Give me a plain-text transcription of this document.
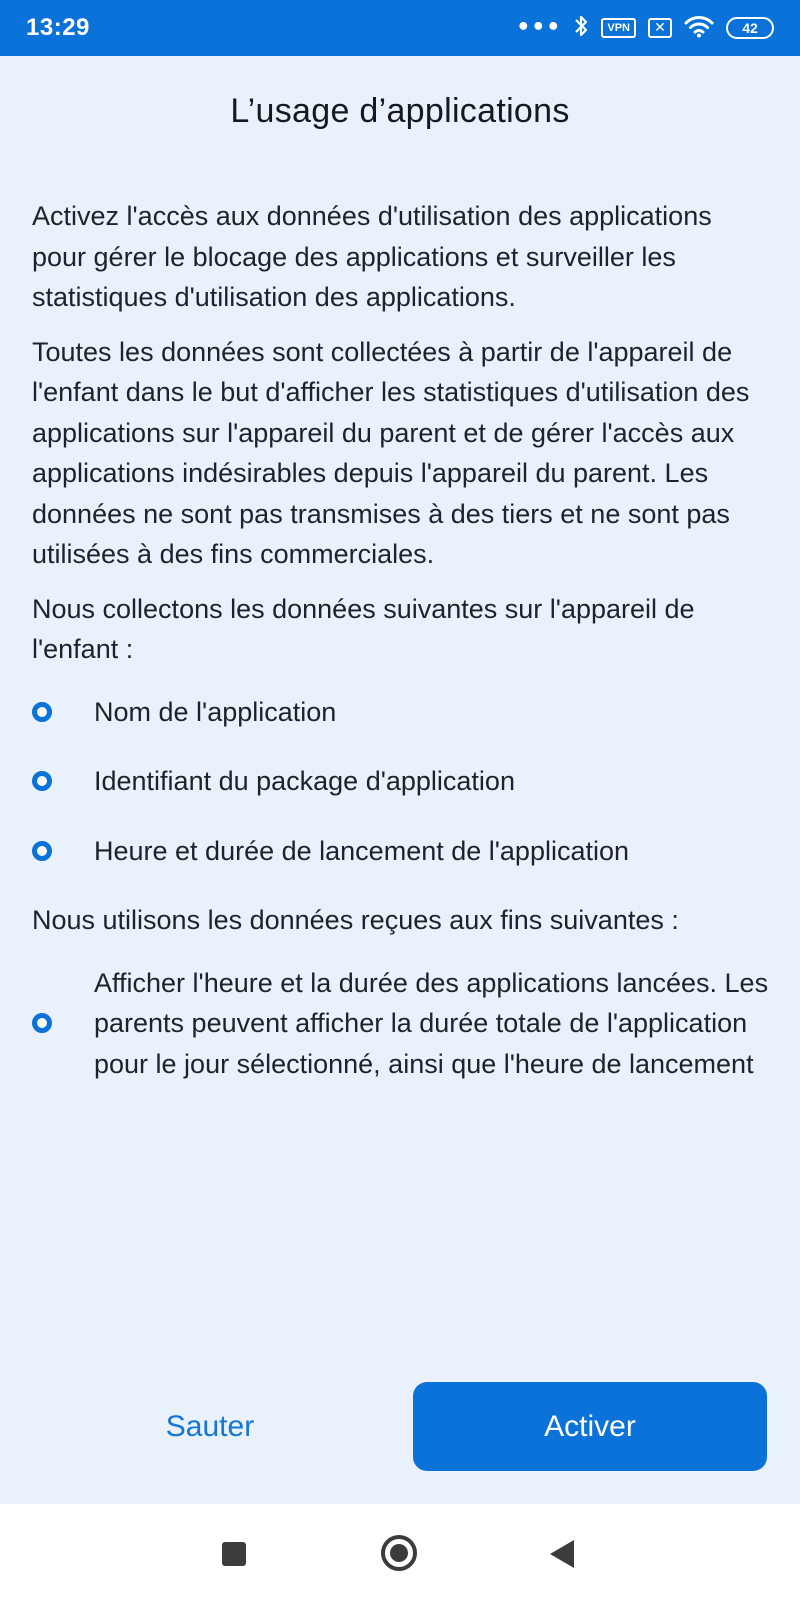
13:29	•••	VPN	✕	42
L’usage d’applications

Activez l'accès aux données d'utilisation des applications pour gérer le blocage des applications et surveiller les statistiques d'utilisation des applications.

Toutes les données sont collectées à partir de l'appareil de l'enfant dans le but d'afficher les statistiques d'utilisation des applications sur l'appareil du parent et de gérer l'accès aux applications indésirables depuis l'appareil du parent. Les données ne sont pas transmises à des tiers et ne sont pas utilisées à des fins commerciales.

Nous collectons les données suivantes sur l'appareil de l'enfant :

Nom de l'application
Identifiant du package d'application
Heure et durée de lancement de l'application

Nous utilisons les données reçues aux fins suivantes :

Afficher l'heure et la durée des applications lancées. Les parents peuvent afficher la durée totale de l'application pour le jour sélectionné, ainsi que l'heure de lancement
Sauter	Activer
